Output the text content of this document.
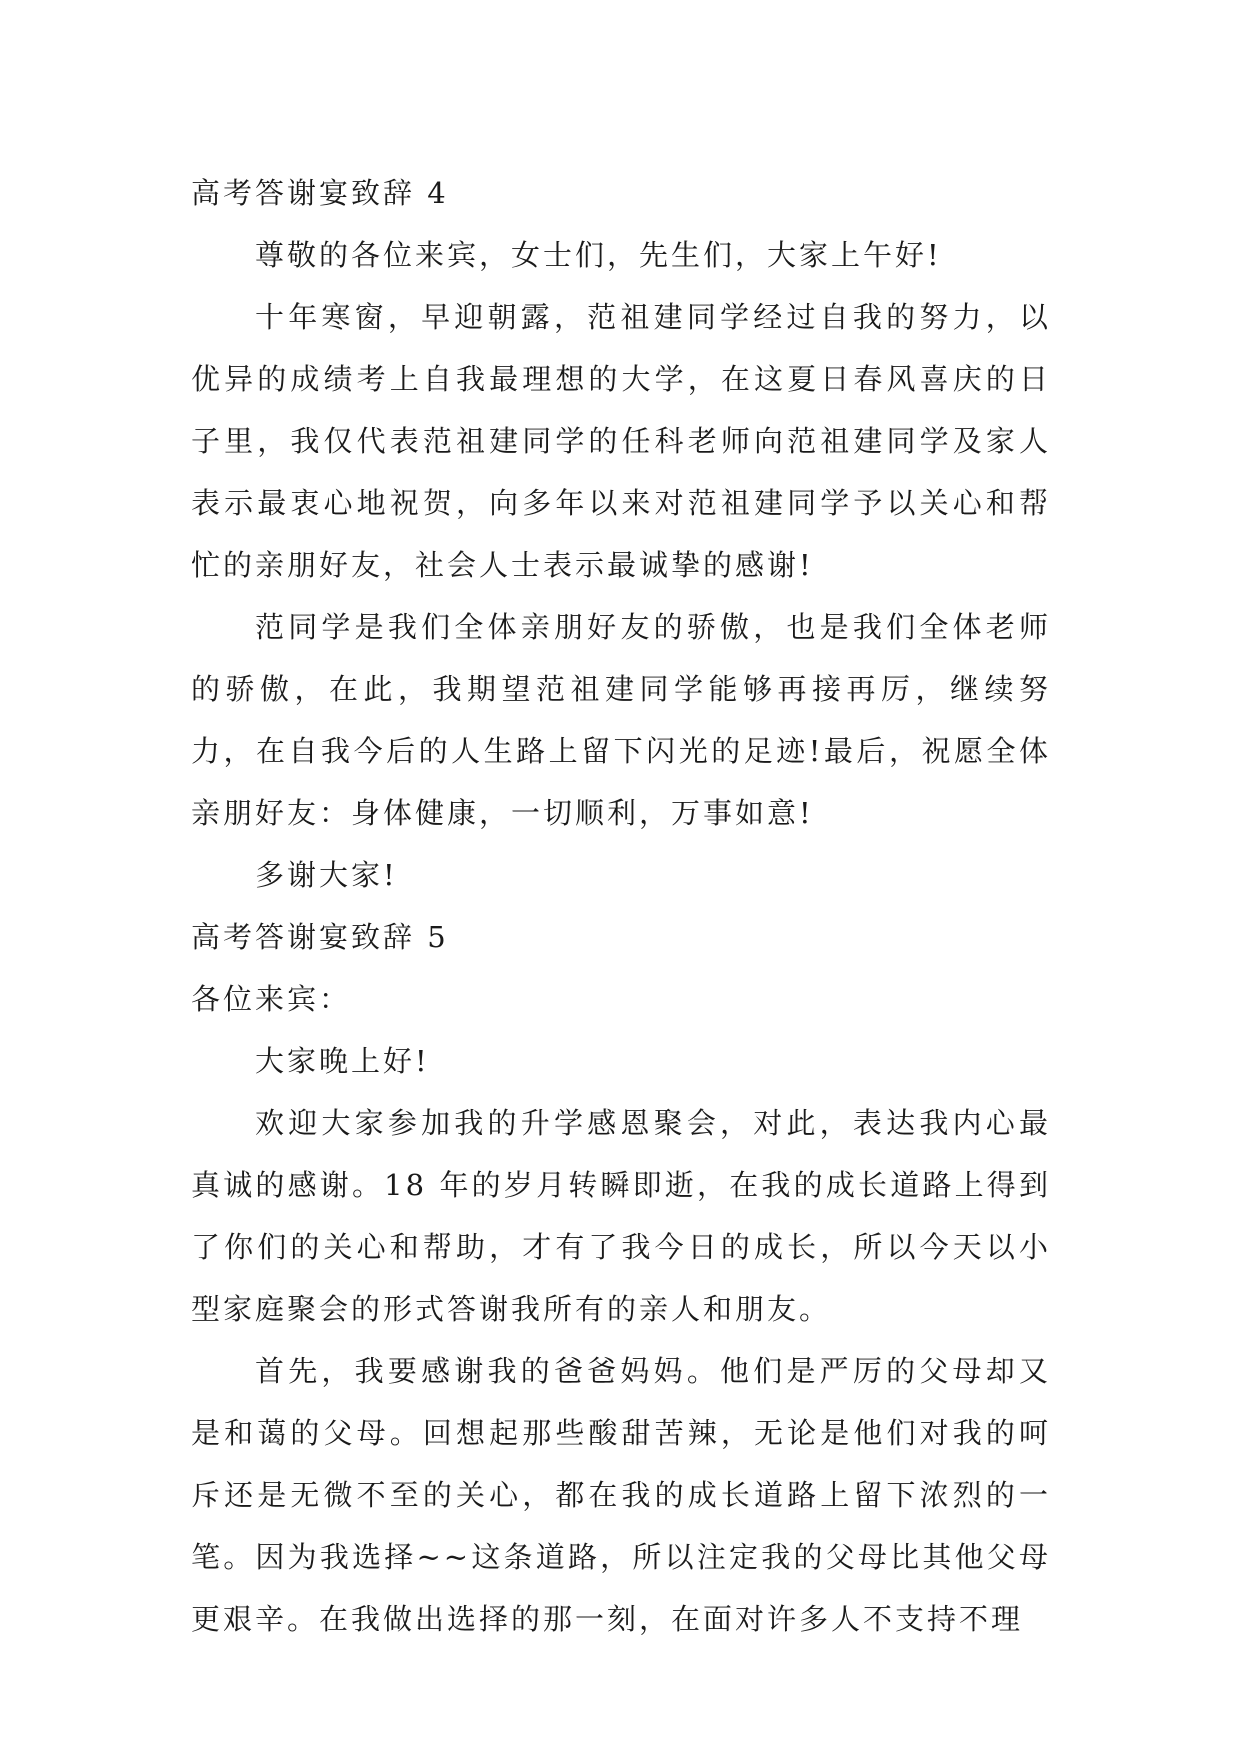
高考答谢宴致辞 4

尊敬的各位来宾，女士们，先生们，大家上午好!

十年寒窗，早迎朝露，范祖建同学经过自我的努力，以优异的成绩考上自我最理想的大学，在这夏日春风喜庆的日子里，我仅代表范祖建同学的任科老师向范祖建同学及家人表示最衷心地祝贺，向多年以来对范祖建同学予以关心和帮忙的亲朋好友，社会人士表示最诚挚的感谢!

范同学是我们全体亲朋好友的骄傲，也是我们全体老师的骄傲，在此，我期望范祖建同学能够再接再厉，继续努力，在自我今后的人生路上留下闪光的足迹!最后，祝愿全体亲朋好友：身体健康，一切顺利，万事如意!

多谢大家!

高考答谢宴致辞 5

各位来宾：

大家晚上好!

欢迎大家参加我的升学感恩聚会，对此，表达我内心最真诚的感谢。18 年的岁月转瞬即逝，在我的成长道路上得到了你们的关心和帮助，才有了我今日的成长，所以今天以小型家庭聚会的形式答谢我所有的亲人和朋友。

首先，我要感谢我的爸爸妈妈。他们是严厉的父母却又是和蔼的父母。回想起那些酸甜苦辣，无论是他们对我的呵斥还是无微不至的关心，都在我的成长道路上留下浓烈的一笔。因为我选择~~这条道路，所以注定我的父母比其他父母更艰辛。在我做出选择的那一刻，在面对许多人不支持不理
